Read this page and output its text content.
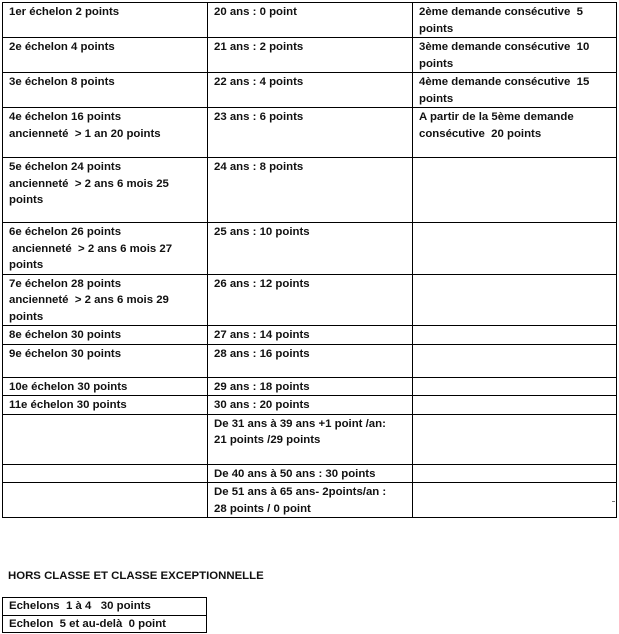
1er échelon 2 points	20 ans : 0 point	2ème demande consécutive  5
points
2e échelon 4 points	21 ans : 2 points	3ème demande consécutive  10
points
3e échelon 8 points	22 ans : 4 points	4ème demande consécutive  15
points
4e échelon 16 points
ancienneté  > 1 an 20 points	23 ans : 6 points	A partir de la 5ème demande
consécutive  20 points
5e échelon 24 points
ancienneté  > 2 ans 6 mois 25
points	24 ans : 8 points	
6e échelon 26 points
ancienneté  > 2 ans 6 mois 27
points	25 ans : 10 points	
7e échelon 28 points
ancienneté  > 2 ans 6 mois 29
points	26 ans : 12 points	
8e échelon 30 points	27 ans : 14 points	
9e échelon 30 points	28 ans : 16 points	
10e échelon 30 points	29 ans : 18 points	
11e échelon 30 points	30 ans : 20 points	
	De 31 ans à 39 ans +1 point /an:
21 points /29 points	
	De 40 ans à 50 ans : 30 points	
	De 51 ans à 65 ans- 2points/an :
28 points / 0 point	
HORS CLASSE ET CLASSE EXCEPTIONNELLE
Echelons  1 à 4   30 points
Echelon  5 et au-delà  0 point
